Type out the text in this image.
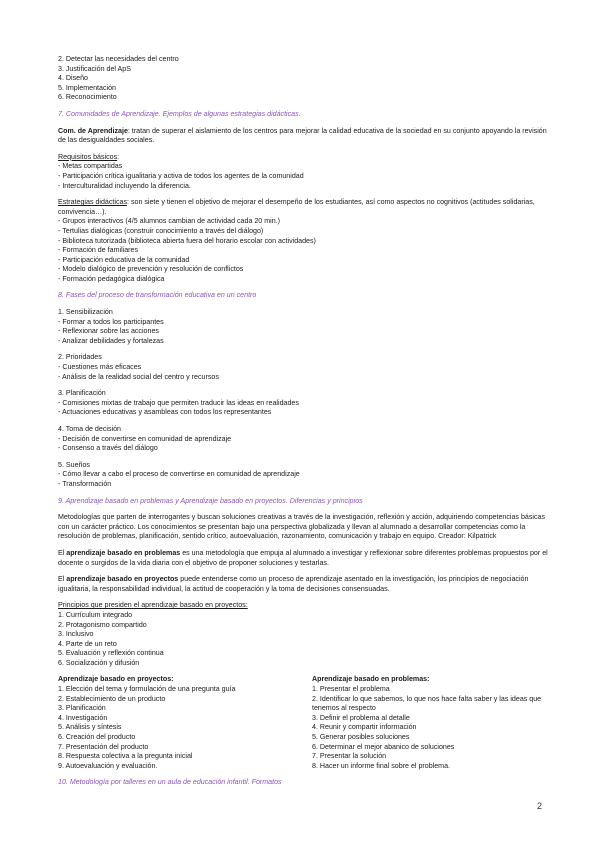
2. Detectar las necesidades del centro

3. Justificación del ApS

4. Diseño

5. Implementación

6. Reconocimiento

7. Comunidades de Aprendizaje. Ejemplos de algunas estrategias didácticas.

Com. de Aprendizaje: tratan de superar el aislamiento de los centros para mejorar la calidad educativa de la sociedad en su conjunto apoyando la revisión de las desigualdades sociales.

Requisitos básicos:

- Metas compartidas

- Participación crítica igualitaria y activa de todos los agentes de la comunidad

- Interculturalidad incluyendo la diferencia.

Estrategias didácticas: son siete y tienen el objetivo de mejorar el desempeño de los estudiantes, así como aspectos no cognitivos (actitudes solidarias, convivencia…).

- Grupos interactivos (4/5 alumnos cambian de actividad cada 20 min.)

- Tertulias dialógicas (construir conocimiento a través del diálogo)

- Biblioteca tutorizada (biblioteca abierta fuera del horario escolar con actividades)

- Formación de familiares

- Participación educativa de la comunidad

- Modelo dialógico de prevención y resolución de conflictos

- Formación pedagógica dialógica

8. Fases del proceso de transformación educativa en un centro

1. Sensibilización

- Formar a todos los participantes

- Reflexionar sobre las acciones

- Analizar debilidades y fortalezas

2. Prioridades

- Cuestiones más eficaces

- Análisis de la realidad social del centro y recursos

3. Planificación

- Comisiones mixtas de trabajo que permiten traducir las ideas en realidades

- Actuaciones educativas y asambleas con todos los representantes

4. Toma de decisión

- Decisión de convertirse en comunidad de aprendizaje

- Consenso a través del diálogo

5. Sueños

- Cómo llevar a cabo el proceso de convertirse en comunidad de aprendizaje

- Transformación

9. Aprendizaje basado en problemas y Aprendizaje basado en proyectos. Diferencias y principios

Metodologías que parten de interrogantes y buscan soluciones creativas a través de la investigación, reflexión y acción, adquiriendo competencias básicas con un carácter práctico. Los conocimientos se presentan bajo una perspectiva globalizada y llevan al alumnado a desarrollar competencias como la resolución de problemas, planificación, sentido crítico, autoevaluación, razonamiento, comunicación y trabajo en equipo. Creador: Kilpatrick

El aprendizaje basado en problemas es una metodología que empuja al alumnado a investigar y reflexionar sobre diferentes problemas propuestos por el docente o surgidos de la vida diaria con el objetivo de proponer soluciones y testarlas.

El aprendizaje basado en proyectos puede entenderse como un proceso de aprendizaje asentado en la investigación, los principios de negociación igualitaria, la responsabilidad individual, la actitud de cooperación y la toma de decisiones consensuadas.

Principios que presiden el aprendizaje basado en proyectos:

1. Currículum integrado

2. Protagonismo compartido

3. Inclusivo

4. Parte de un reto

5. Evaluación y reflexión continua

6. Socialización y difusión

Aprendizaje basado en proyectos:

1. Elección del tema y formulación de una pregunta guía

2. Establecimiento de un producto

3. Planificación

4. Investigación

5. Análisis y síntesis

6. Creación del producto

7. Presentación del producto

8. Respuesta colectiva a la pregunta inicial

9. Autoevaluación y evaluación.

Aprendizaje basado en problemas:

1. Presentar el problema

2. Identificar lo que sabemos, lo que nos hace falta saber y las ideas que tenemos al respecto

3. Definir el problema al detalle

4. Reunir y compartir información

5. Generar posibles soluciones

6. Determinar el mejor abanico de soluciones

7. Presentar la solución

8. Hacer un informe final sobre el problema.

10. Metodología por talleres en un aula de educación infantil. Formatos

2
